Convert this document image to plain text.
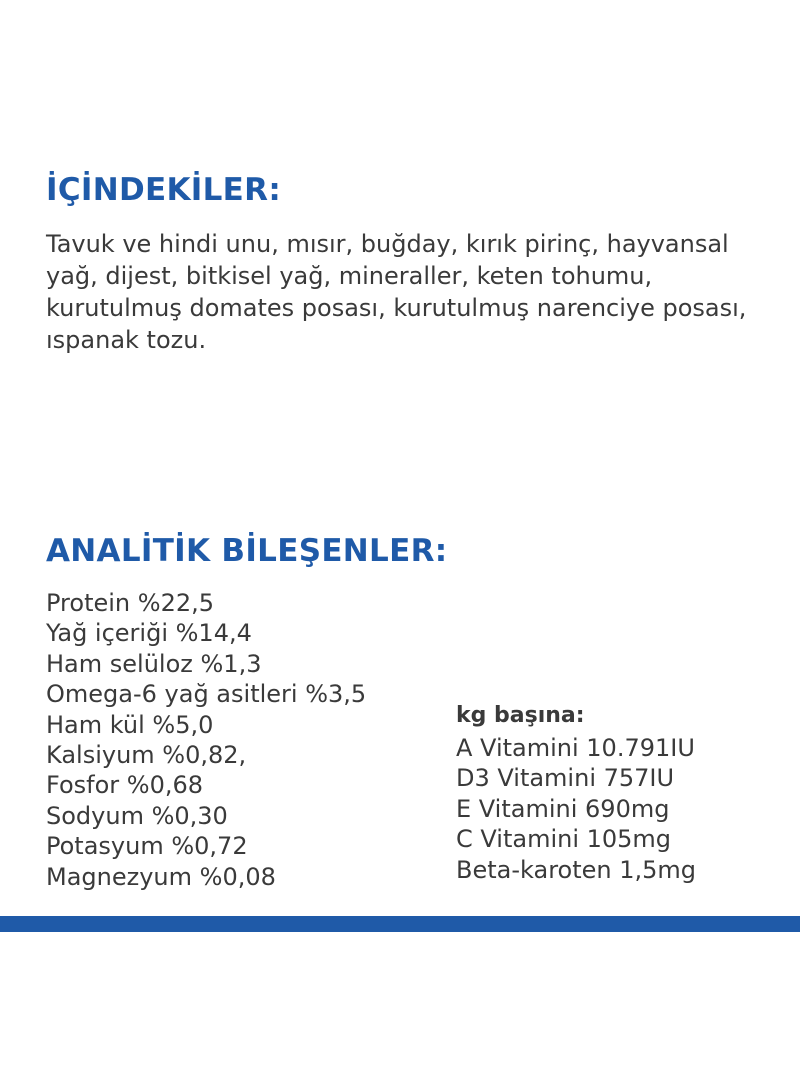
İÇİNDEKİLER:

Tavuk ve hindi unu, mısır, buğday, kırık pirinç, hayvansal yağ, dijest, bitkisel yağ, mineraller, keten tohumu, kurutulmuş domates posası, kurutulmuş narenciye posası, ıspanak tozu.

ANALİTİK BİLEŞENLER:
Protein %22,5
Yağ içeriği %14,4
Ham selüloz %1,3
Omega-6 yağ asitleri %3,5
Ham kül %5,0
Kalsiyum %0,82,
Fosfor %0,68
Sodyum %0,30
Potasyum %0,72
Magnezyum %0,08
kg başına:
A Vitamini 10.791IU
D3 Vitamini 757IU
E Vitamini 690mg
C Vitamini 105mg
Beta-karoten 1,5mg
